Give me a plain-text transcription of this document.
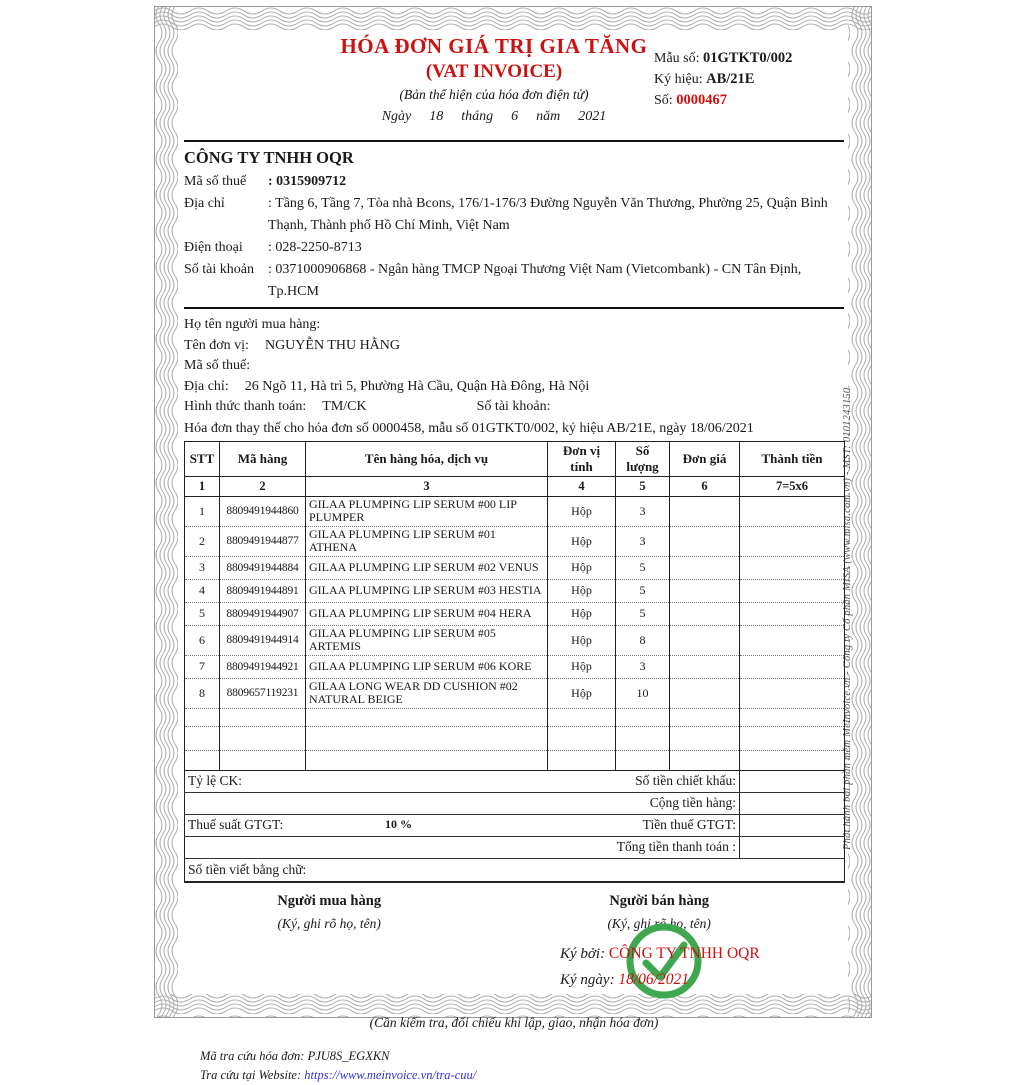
Phát hành bởi phần mềm MeInvoice.vn - Công ty Cổ phần MISA (www.misa.com.vn) - MST: 0101243150
HÓA ĐƠN GIÁ TRỊ GIA TĂNG
(VAT INVOICE)
(Bản thể hiện của hóa đơn điện tử)
Ngày 18 tháng 6 năm 2021
Mẫu số: 01GTKT0/002
Ký hiệu: AB/21E
Số: 0000467
CÔNG TY TNHH OQR
Mã số thuế	: 0315909712
Địa chỉ	: Tầng 6, Tầng 7, Tòa nhà Bcons, 176/1-176/3 Đường Nguyễn Văn Thương, Phường 25, Quận Bình Thạnh, Thành phố Hồ Chí Minh, Việt Nam
Điện thoại	: 028-2250-8713
Số tài khoản	: 0371000906868 - Ngân hàng TMCP Ngoại Thương Việt Nam (Vietcombank) - CN Tân Định, Tp.HCM
Họ tên người mua hàng:
Tên đơn vị: NGUYỄN THU HẰNG
Mã số thuế:
Địa chỉ: 26 Ngõ 11, Hà trì 5, Phường Hà Cầu, Quận Hà Đông, Hà Nội
Hình thức thanh toán: TM/CK	Số tài khoản:
Hóa đơn thay thế cho hóa đơn số 0000458, mẫu số 01GTKT0/002, ký hiệu AB/21E, ngày 18/06/2021
STT	Mã hàng	Tên hàng hóa, dịch vụ	Đơn vị tính	Số lượng	Đơn giá	Thành tiền
1	2	3	4	5	6	7=5x6
1	8809491944860	GILAA PLUMPING LIP SERUM #00 LIP PLUMPER	Hộp	3		
2	8809491944877	GILAA PLUMPING LIP SERUM #01 ATHENA	Hộp	3		
3	8809491944884	GILAA PLUMPING LIP SERUM #02 VENUS	Hộp	5		
4	8809491944891	GILAA PLUMPING LIP SERUM #03 HESTIA	Hộp	5		
5	8809491944907	GILAA PLUMPING LIP SERUM #04 HERA	Hộp	5		
6	8809491944914	GILAA PLUMPING LIP SERUM #05 ARTEMIS	Hộp	8		
7	8809491944921	GILAA PLUMPING LIP SERUM #06 KORE	Hộp	3		
8	8809657119231	GILAA LONG WEAR DD CUSHION #02 NATURAL BEIGE	Hộp	10		

Tỷ lệ CK: Số tiền chiết khấu:						

Cộng tiền hàng:						

Thuế suất GTGT: 10 % Tiền thuế GTGT:						

Tổng tiền thanh toán :						

Số tiền viết bằng chữ:						
Người mua hàng
(Ký, ghi rõ họ, tên)
Người bán hàng
(Ký, ghi rõ họ, tên)
Ký bởi: CÔNG TY TNHH OQR
Ký ngày: 18/06/2021
(Cần kiểm tra, đối chiếu khi lập, giao, nhận hóa đơn)
Mã tra cứu hóa đơn: PJU8S_EGXKN
Tra cứu tại Website: https://www.meinvoice.vn/tra-cuu/
